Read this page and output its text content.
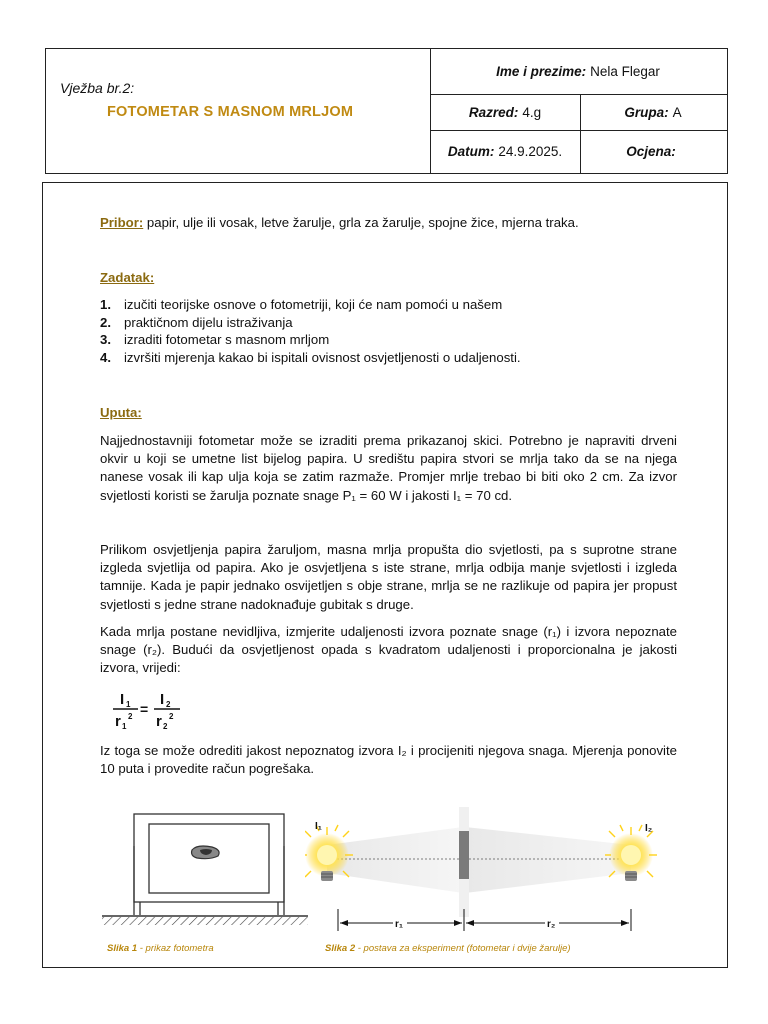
Vježba br.2:
FOTOMETAR S MASNOM MRLJOM
Ime i prezime: Nela Flegar
Razred: 4.g	Grupa: A
Datum: 24.9.2025.	Ocjena:
Pribor: papir, ulje ili vosak, letve žarulje, grla za žarulje, spojne žice, mjerna traka.
Zadatak:
1. izučiti teorijske osnove o fotometriji, koji će nam pomoći u našem
2. praktičnom dijelu istraživanja
3. izraditi fotometar s masnom mrljom
4. izvršiti mjerenja kakao bi ispitali ovisnost osvjetljenosti o udaljenosti.
Uputa:
Najjednostavniji fotometar može se izraditi prema prikazanoj skici. Potrebno je napraviti drveni okvir u koji se umetne list bijelog papira. U središtu papira stvori se mrlja tako da se na njega nanese vosak ili kap ulja koja se zatim razmaže. Promjer mrlje trebao bi biti oko 2 cm. Za izvor svjetlosti koristi se žarulja poznate snage P₁ = 60 W i jakosti I₁ = 70 cd.
Prilikom osvjetljenja papira žaruljom, masna mrlja propušta dio svjetlosti, pa s suprotne strane izgleda svjetlija od papira. Ako je osvjetljena s iste strane, mrlja odbija manje svjetlosti i izgleda tamnije. Kada je papir jednako osvijetljen s obje strane, mrlja se ne razlikuje od papira jer propust svjetlosti s jedne strane nadoknađuje gubitak s druge.
Kada mrlja postane nevidljiva, izmjerite udaljenosti izvora poznate snage (r₁) i izvora nepoznate snage (r₂). Budući da osvjetljenost opada s kvadratom udaljenosti i proporcionalna je jakosti izvora, vrijedi:
I 1
r 1
2 =
I 2
r 2
2
Iz toga se može odrediti jakost nepoznatog izvora I₂ i procijeniti njegova snaga. Mjerenja ponovite 10 puta i provedite račun pogrešaka.
I₁	I₂
r₁	r₂
Slika 1 - prikaz fotometra	Slika 2 - postava za eksperiment (fotometar i dvije žarulje)
